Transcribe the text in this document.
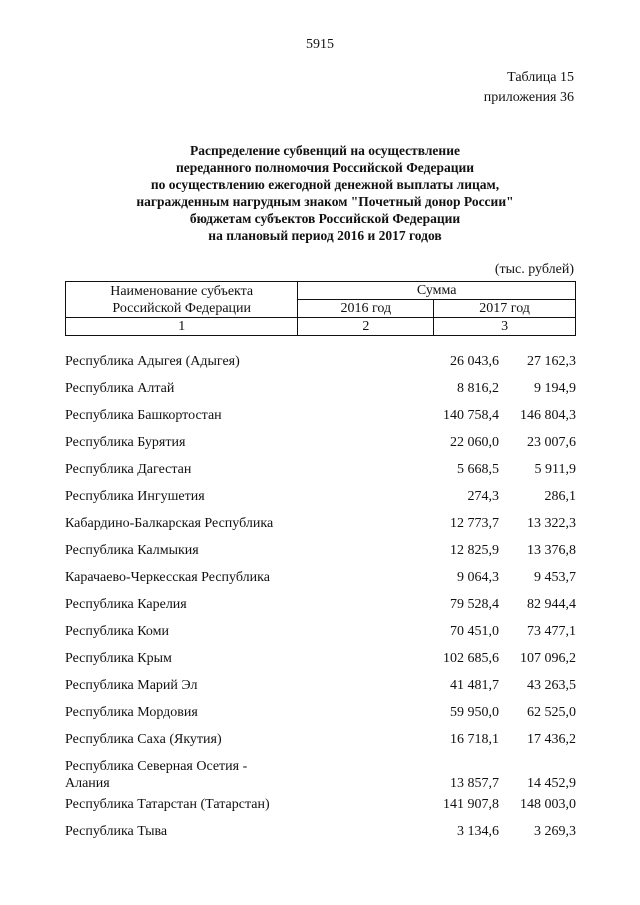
5915
Таблица 15
приложения 36
Распределение субвенций на осуществление
переданного полномочия Российской Федерации
по осуществлению ежегодной денежной выплаты лицам,
награжденным нагрудным знаком "Почетный донор России"
бюджетам субъектов Российской Федерации
на плановый период 2016 и 2017 годов
(тыс. рублей)
Наименование субъекта
Российской Федерации	Сумма	
	2016 год	2017 год
1	2	3
Республика Адыгея (Адыгея)	26 043,6	27 162,3
Республика Алтай	8 816,2	9 194,9
Республика Башкортостан	140 758,4	146 804,3
Республика Бурятия	22 060,0	23 007,6
Республика Дагестан	5 668,5	5 911,9
Республика Ингушетия	274,3	286,1
Кабардино-Балкарская Республика	12 773,7	13 322,3
Республика Калмыкия	12 825,9	13 376,8
Карачаево-Черкесская Республика	9 064,3	9 453,7
Республика Карелия	79 528,4	82 944,4
Республика Коми	70 451,0	73 477,1
Республика Крым	102 685,6	107 096,2
Республика Марий Эл	41 481,7	43 263,5
Республика Мордовия	59 950,0	62 525,0
Республика Саха (Якутия)	16 718,1	17 436,2
Республика Северная Осетия -
Алания	13 857,7	14 452,9
Республика Татарстан (Татарстан)	141 907,8	148 003,0
Республика Тыва	3 134,6	3 269,3
